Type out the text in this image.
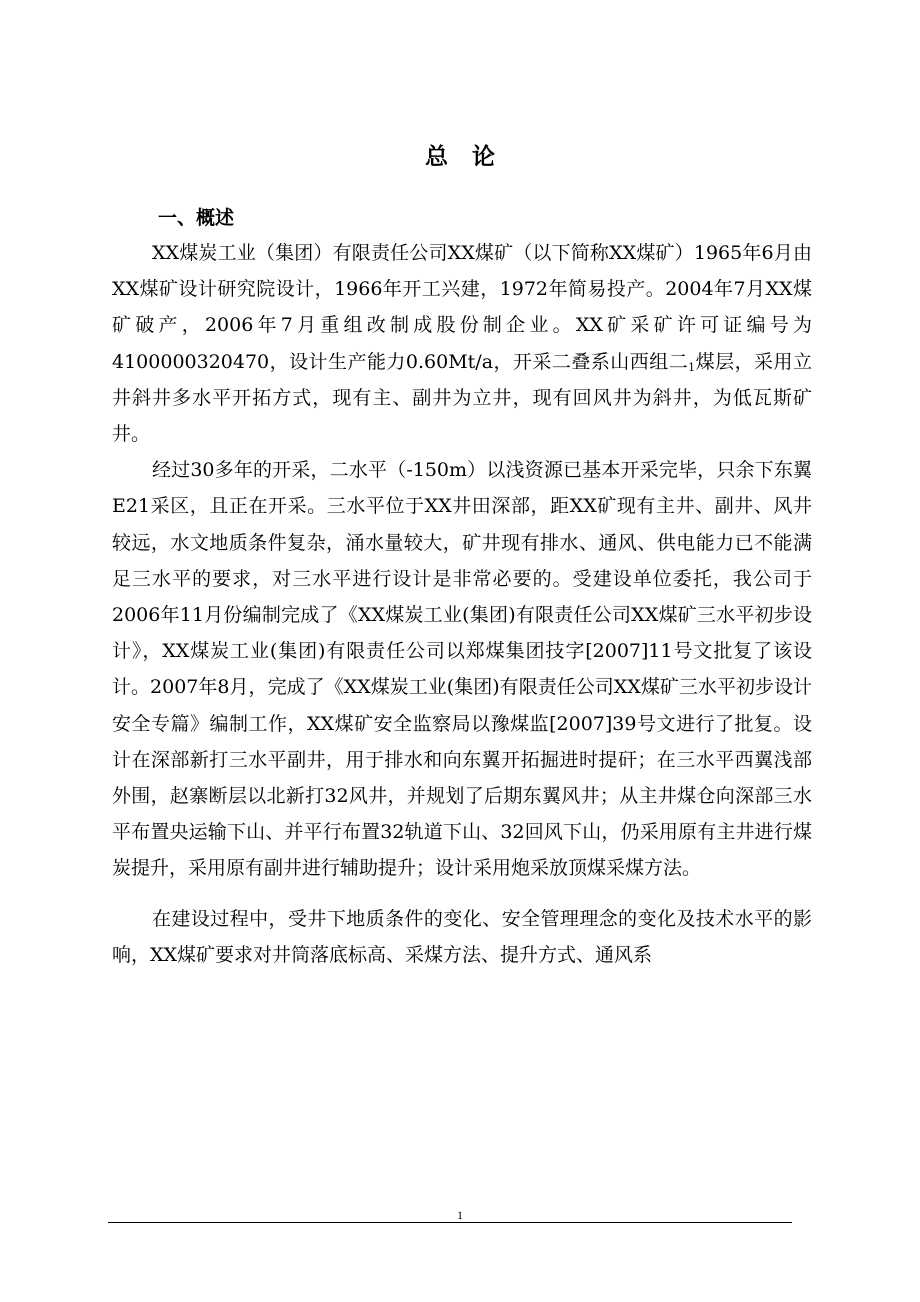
总论
一、概述

XX煤炭工业（集团）有限责任公司XX煤矿（以下简称XX煤矿）1965年6月由XX煤矿设计研究院设计，1966年开工兴建，1972年简易投产。2004年7月XX煤矿破产，2006年7月重组改制成股份制企业。XX矿采矿许可证编号为4100000320470，设计生产能力0.60Mt/a，开采二叠系山西组二$_1$煤层，采用立井斜井多水平开拓方式，现有主、副井为立井，现有回风井为斜井，为低瓦斯矿井。

经过30多年的开采，二水平（-150m）以浅资源已基本开采完毕，只余下东翼E21采区，且正在开采。三水平位于XX井田深部，距XX矿现有主井、副井、风井较远，水文地质条件复杂，涌水量较大，矿井现有排水、通风、供电能力已不能满足三水平的要求，对三水平进行设计是非常必要的。受建设单位委托，我公司于2006年11月份编制完成了《XX煤炭工业(集团)有限责任公司XX煤矿三水平初步设计》，XX煤炭工业(集团)有限责任公司以郑煤集团技字[2007]11号文批复了该设计。2007年8月，完成了《XX煤炭工业(集团)有限责任公司XX煤矿三水平初步设计安全专篇》编制工作，XX煤矿安全监察局以豫煤监[2007]39号文进行了批复。设计在深部新打三水平副井，用于排水和向东翼开拓掘进时提矸；在三水平西翼浅部外围，赵寨断层以北新打32风井，并规划了后期东翼风井；从主井煤仓向深部三水平布置央运输下山、并平行布置32轨道下山、32回风下山，仍采用原有主井进行煤炭提升，采用原有副井进行辅助提升；设计采用炮采放顶煤采煤方法。

在建设过程中，受井下地质条件的变化、安全管理理念的变化及技术水平的影响，XX煤矿要求对井筒落底标高、采煤方法、提升方式、通风系

1
